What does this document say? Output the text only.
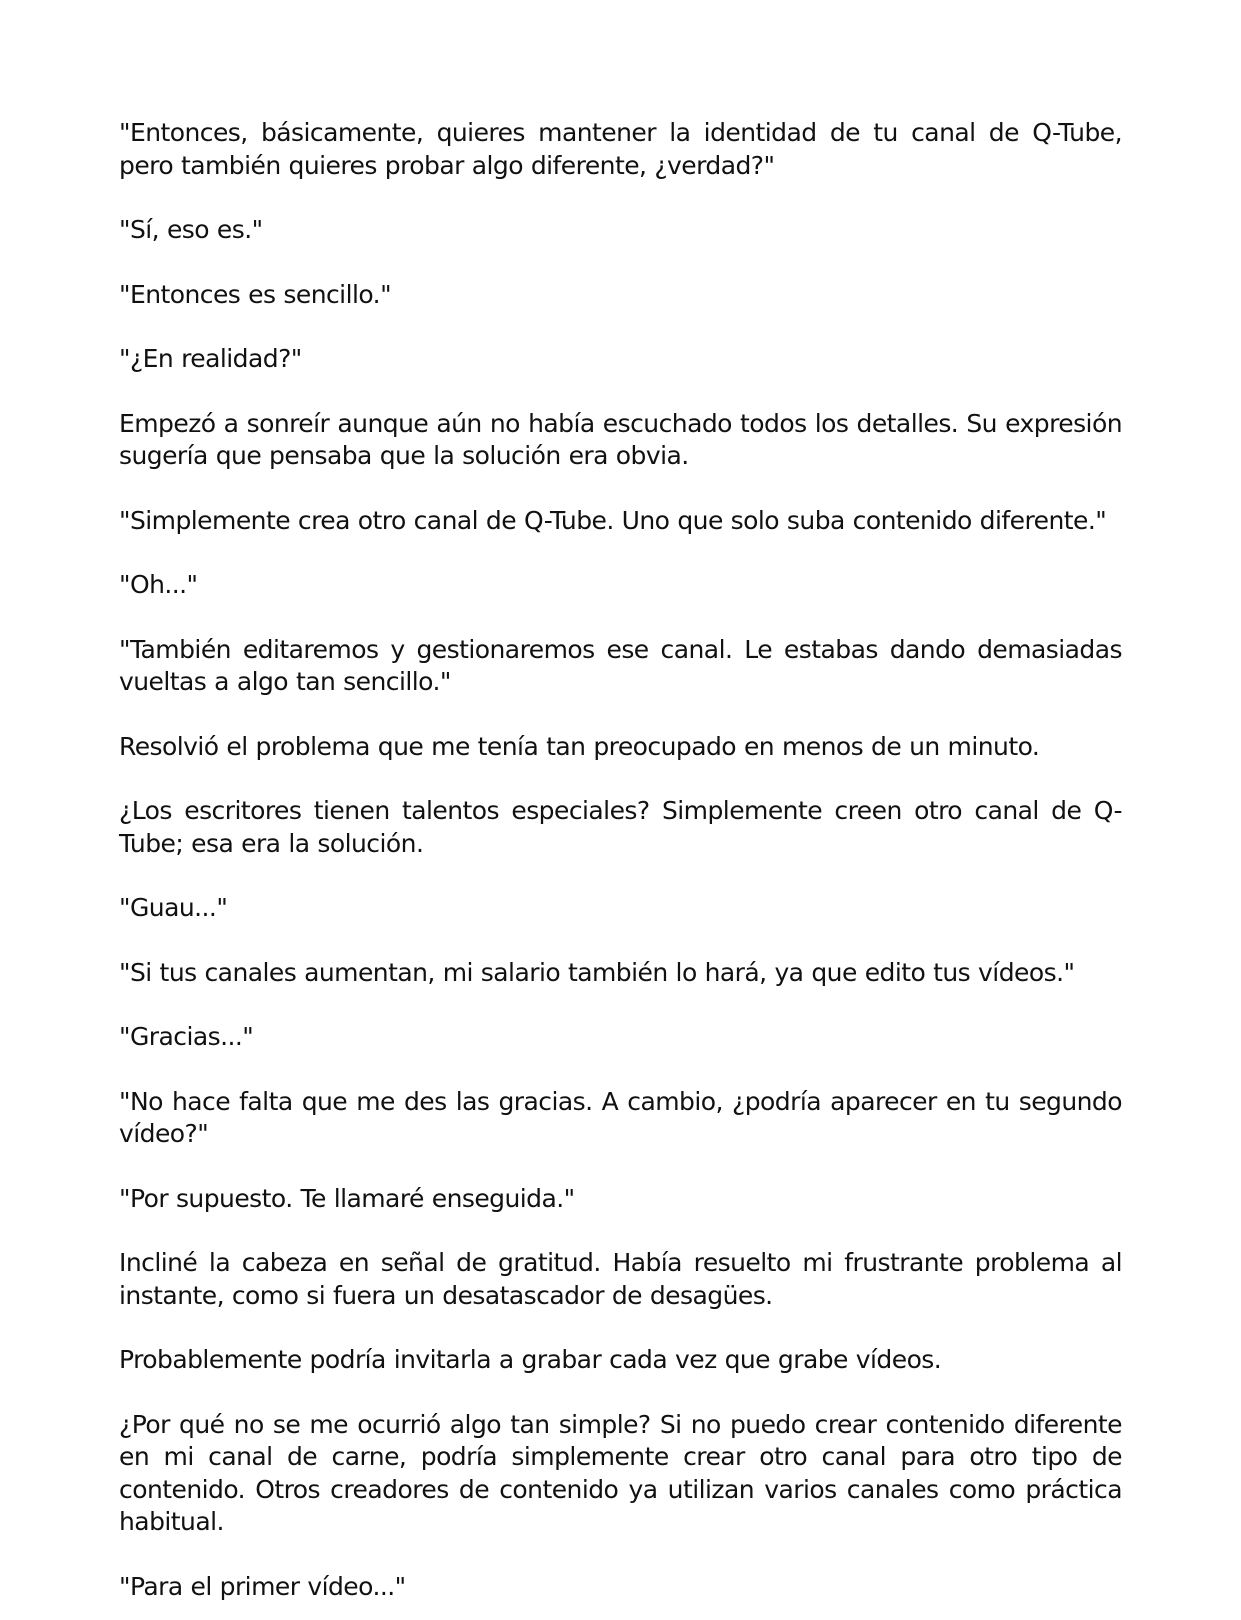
"Entonces, básicamente, quieres mantener la identidad de tu canal de Q-Tube, pero también quieres probar algo diferente, ¿verdad?"

"Sí, eso es."

"Entonces es sencillo."

"¿En realidad?"

Empezó a sonreír aunque aún no había escuchado todos los detalles. Su expresión sugería que pensaba que la solución era obvia.

"Simplemente crea otro canal de Q-Tube. Uno que solo suba contenido diferente."

"Oh..."

"También editaremos y gestionaremos ese canal. Le estabas dando demasiadas vueltas a algo tan sencillo."

Resolvió el problema que me tenía tan preocupado en menos de un minuto.

¿Los escritores tienen talentos especiales? Simplemente creen otro canal de Q-Tube; esa era la solución.

"Guau..."

"Si tus canales aumentan, mi salario también lo hará, ya que edito tus vídeos."

"Gracias..."

"No hace falta que me des las gracias. A cambio, ¿podría aparecer en tu segundo vídeo?"

"Por supuesto. Te llamaré enseguida."

Incliné la cabeza en señal de gratitud. Había resuelto mi frustrante problema al instante, como si fuera un desatascador de desagües.

Probablemente podría invitarla a grabar cada vez que grabe vídeos.

¿Por qué no se me ocurrió algo tan simple? Si no puedo crear contenido diferente en mi canal de carne, podría simplemente crear otro canal para otro tipo de contenido. Otros creadores de contenido ya utilizan varios canales como práctica habitual.

"Para el primer vídeo..."
